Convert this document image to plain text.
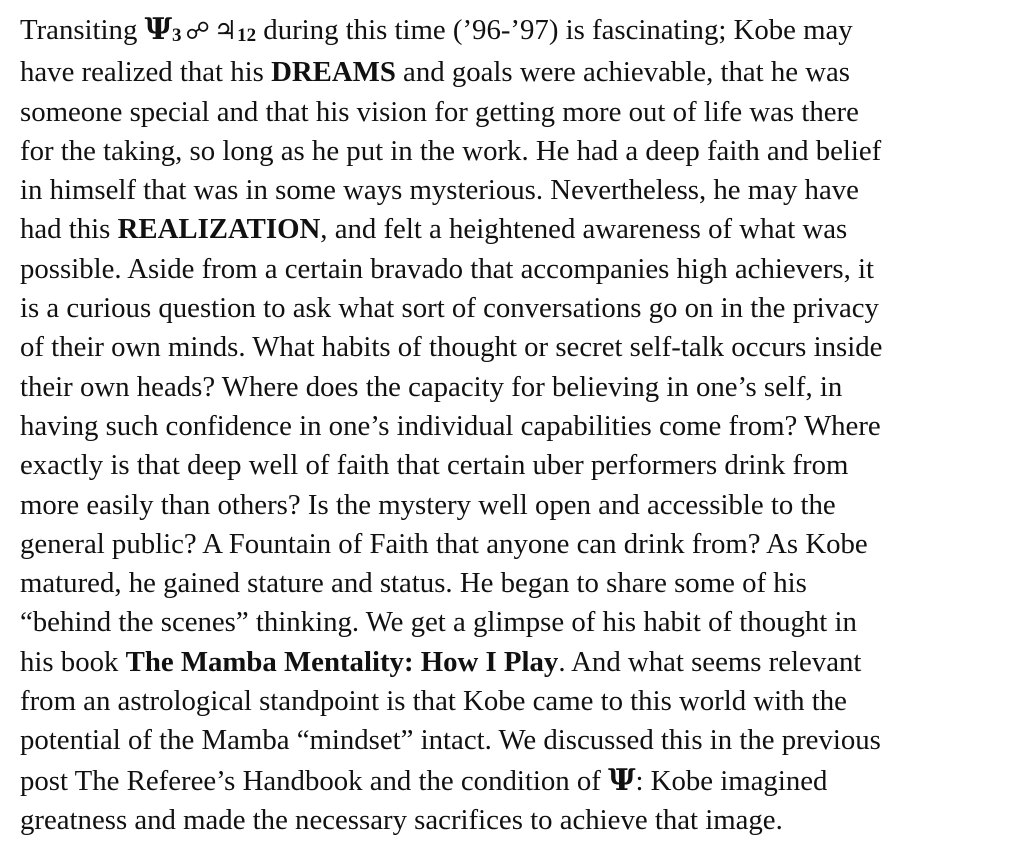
Transiting Ψ3 ☍ ♃12 during this time (’96-’97) is fascinating; Kobe may
have realized that his DREAMS and goals were achievable, that he was
someone special and that his vision for getting more out of life was there
for the taking, so long as he put in the work. He had a deep faith and belief
in himself that was in some ways mysterious. Nevertheless, he may have
had this REALIZATION, and felt a heightened awareness of what was
possible. Aside from a certain bravado that accompanies high achievers, it
is a curious question to ask what sort of conversations go on in the privacy
of their own minds. What habits of thought or secret self-talk occurs inside
their own heads? Where does the capacity for believing in one’s self, in
having such confidence in one’s individual capabilities come from? Where
exactly is that deep well of faith that certain uber performers drink from
more easily than others? Is the mystery well open and accessible to the
general public? A Fountain of Faith that anyone can drink from? As Kobe
matured, he gained stature and status. He began to share some of his
“behind the scenes” thinking. We get a glimpse of his habit of thought in
his book The Mamba Mentality: How I Play. And what seems relevant
from an astrological standpoint is that Kobe came to this world with the
potential of the Mamba “mindset” intact. We discussed this in the previous
post The Referee’s Handbook and the condition of Ψ: Kobe imagined
greatness and made the necessary sacrifices to achieve that image.
